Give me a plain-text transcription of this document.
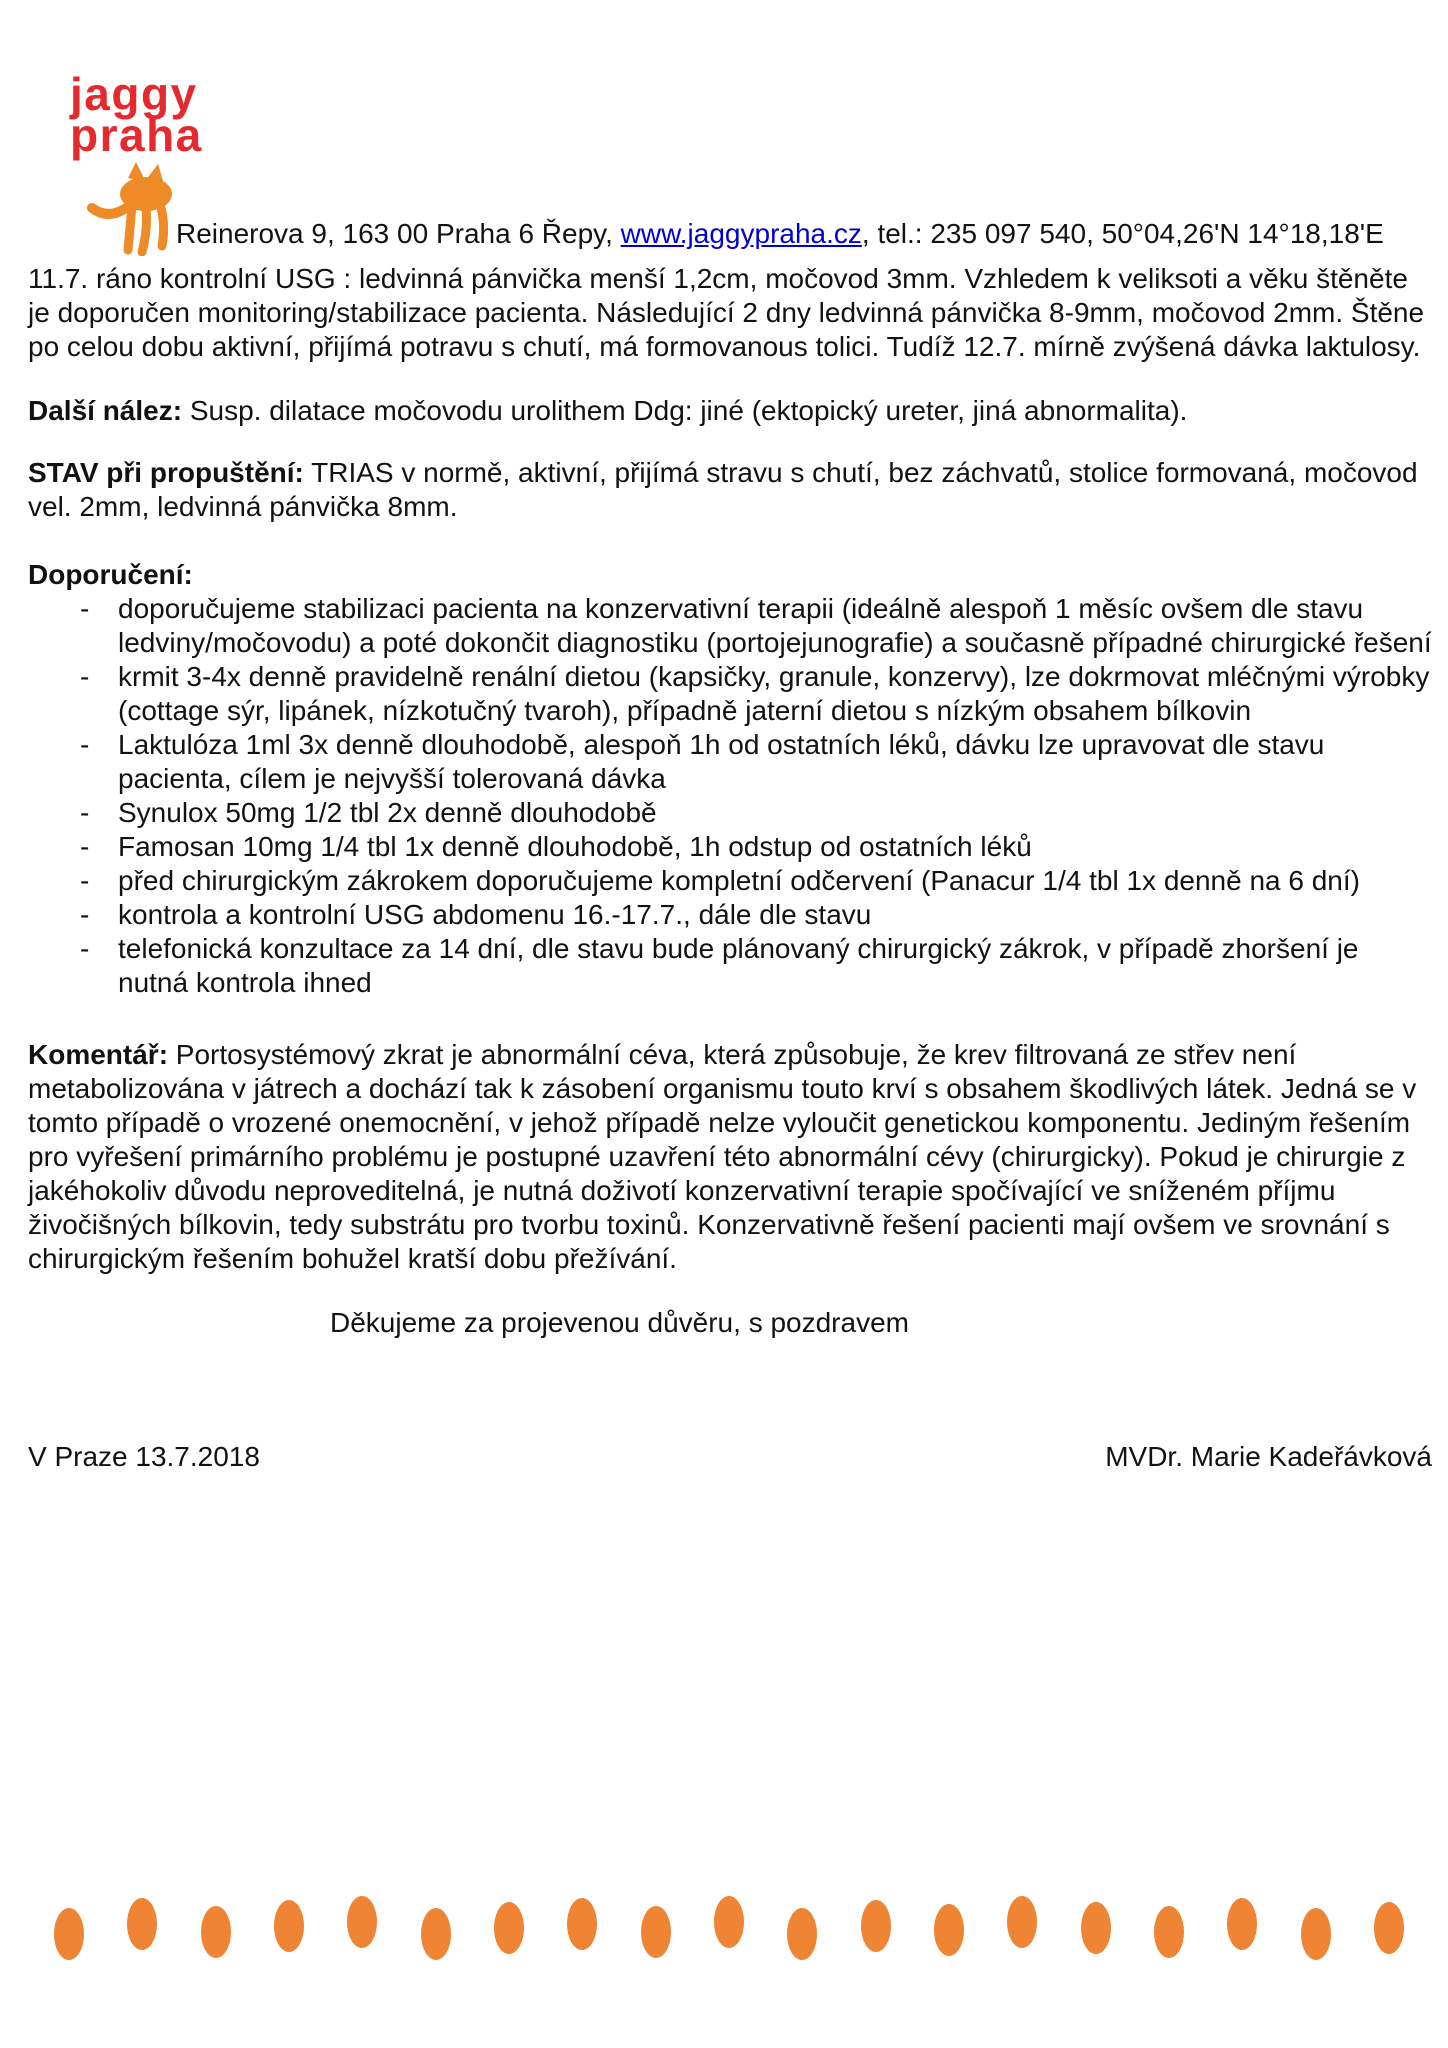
jaggy
praha
Reinerova 9, 163 00 Praha 6 Řepy, www.jaggypraha.cz, tel.: 235 097 540, 50°04,26'N 14°18,18'E

11.7. ráno kontrolní USG : ledvinná pánvička menší 1,2cm, močovod 3mm. Vzhledem k veliksoti a věku štěněte je doporučen monitoring/stabilizace pacienta. Následující 2 dny ledvinná pánvička 8-9mm, močovod 2mm. Štěne po celou dobu aktivní, přijímá potravu s chutí, má formovanous tolici. Tudíž 12.7. mírně zvýšená dávka laktulosy.

Další nález: Susp. dilatace močovodu urolithem Ddg: jiné (ektopický ureter, jiná abnormalita).

STAV při propuštění: TRIAS v normě, aktivní, přijímá stravu s chutí, bez záchvatů, stolice formovaná, močovod vel. 2mm, ledvinná pánvička 8mm.

Doporučení:

-	doporučujeme stabilizaci pacienta na konzervativní terapii (ideálně alespoň 1 měsíc ovšem dle stavu ledviny/močovodu) a poté dokončit diagnostiku (portojejunografie) a současně případné chirurgické řešení
-	krmit 3-4x denně pravidelně renální dietou (kapsičky, granule, konzervy), lze dokrmovat mléčnými výrobky (cottage sýr, lipánek, nízkotučný tvaroh), případně jaterní dietou s nízkým obsahem bílkovin
-	Laktulóza 1ml 3x denně dlouhodobě, alespoň 1h od ostatních léků, dávku lze upravovat dle stavu pacienta, cílem je nejvyšší tolerovaná dávka
-	Synulox 50mg 1/2 tbl 2x denně dlouhodobě
-	Famosan 10mg 1/4 tbl 1x denně dlouhodobě, 1h odstup od ostatních léků
-	před chirurgickým zákrokem doporučujeme kompletní odčervení (Panacur 1/4 tbl 1x denně na 6 dní)
-	kontrola a kontrolní USG abdomenu 16.-17.7., dále dle stavu
-	telefonická konzultace za 14 dní, dle stavu bude plánovaný chirurgický zákrok, v případě zhoršení je nutná kontrola ihned

Komentář: Portosystémový zkrat je abnormální céva, která způsobuje, že krev filtrovaná ze střev není metabolizována v játrech a dochází tak k zásobení organismu touto krví s obsahem škodlivých látek. Jedná se v tomto případě o vrozené onemocnění, v jehož případě nelze vyloučit genetickou komponentu. Jediným řešením pro vyřešení primárního problému je postupné uzavření této abnormální cévy (chirurgicky). Pokud je chirurgie z jakéhokoliv důvodu neproveditelná, je nutná doživotí konzervativní terapie spočívající ve sníženém příjmu živočišných bílkovin, tedy substrátu pro tvorbu toxinů. Konzervativně řešení pacienti mají ovšem ve srovnání s chirurgickým řešením bohužel kratší dobu přežívání.

Děkujeme za projevenou důvěru, s pozdravem

V Praze 13.7.2018	MVDr. Marie Kadeřávková
